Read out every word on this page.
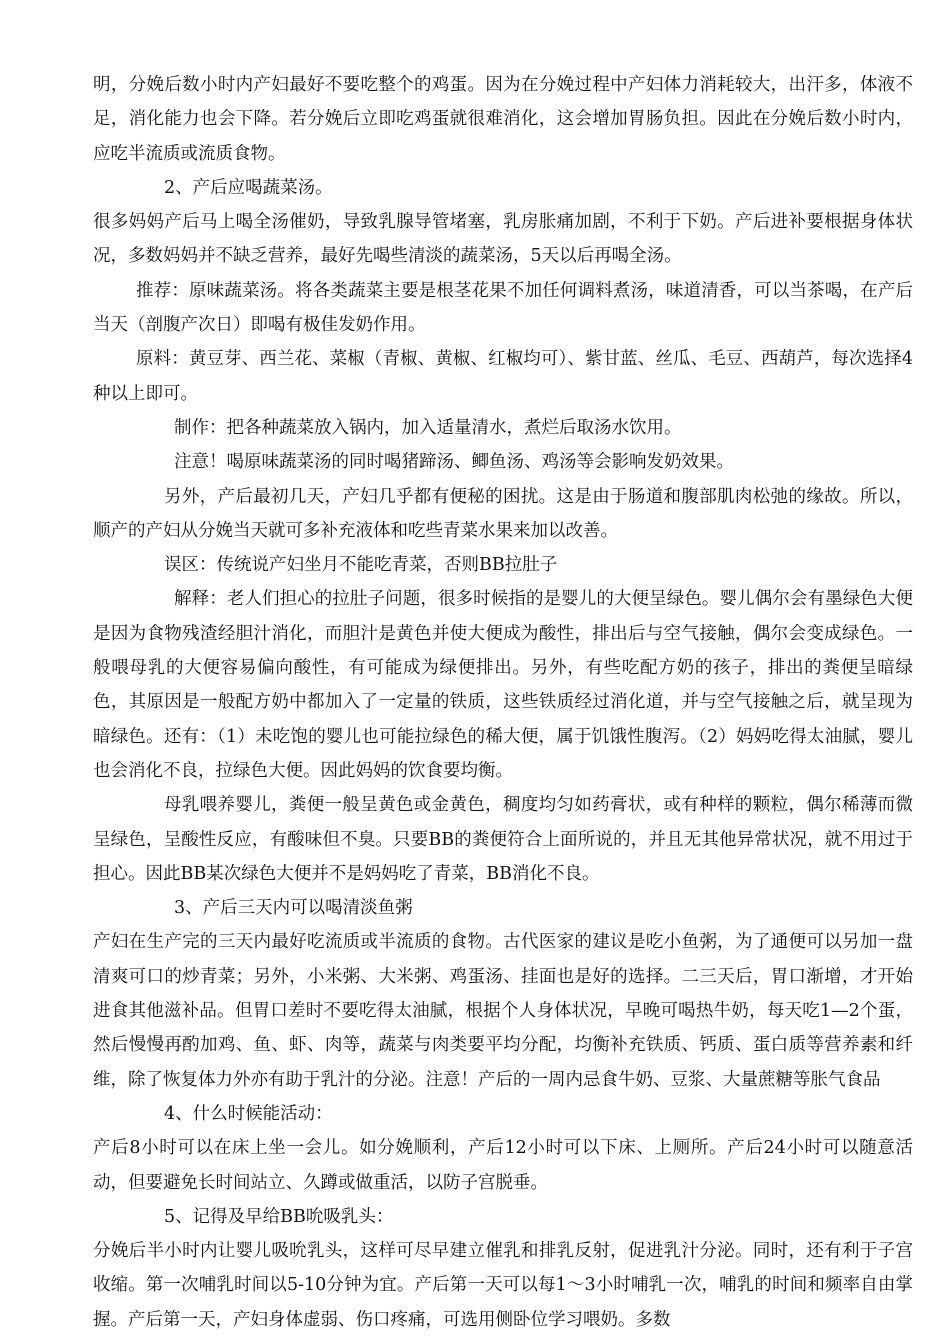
明，分娩后数小时内产妇最好不要吃整个的鸡蛋。因为在分娩过程中产妇体力消耗较大，出汗多，体液不足，消化能力也会下降。若分娩后立即吃鸡蛋就很难消化，这会增加胃肠负担。因此在分娩后数小时内，应吃半流质或流质食物。

2、产后应喝蔬菜汤。

很多妈妈产后马上喝全汤催奶，导致乳腺导管堵塞，乳房胀痛加剧，不利于下奶。产后进补要根据身体状况，多数妈妈并不缺乏营养，最好先喝些清淡的蔬菜汤，5天以后再喝全汤。

推荐：原味蔬菜汤。将各类蔬菜主要是根茎花果不加任何调料煮汤，味道清香，可以当茶喝，在产后当天（剖腹产次日）即喝有极佳发奶作用。

原料：黄豆芽、西兰花、菜椒（青椒、黄椒、红椒均可）、紫甘蓝、丝瓜、毛豆、西葫芦，每次选择4种以上即可。

制作：把各种蔬菜放入锅内，加入适量清水，煮烂后取汤水饮用。

注意！喝原味蔬菜汤的同时喝猪蹄汤、鲫鱼汤、鸡汤等会影响发奶效果。

另外，产后最初几天，产妇几乎都有便秘的困扰。这是由于肠道和腹部肌肉松弛的缘故。所以，顺产的产妇从分娩当天就可多补充液体和吃些青菜水果来加以改善。

误区：传统说产妇坐月不能吃青菜，否则BB拉肚子

解释：老人们担心的拉肚子问题，很多时候指的是婴儿的大便呈绿色。婴儿偶尔会有墨绿色大便是因为食物残渣经胆汁消化，而胆汁是黄色并使大便成为酸性，排出后与空气接触，偶尔会变成绿色。一般喂母乳的大便容易偏向酸性，有可能成为绿便排出。另外，有些吃配方奶的孩子，排出的粪便呈暗绿色，其原因是一般配方奶中都加入了一定量的铁质，这些铁质经过消化道，并与空气接触之后，就呈现为暗绿色。还有：（1）未吃饱的婴儿也可能拉绿色的稀大便，属于饥饿性腹泻。（2）妈妈吃得太油腻，婴儿也会消化不良，拉绿色大便。因此妈妈的饮食要均衡。

母乳喂养婴儿，粪便一般呈黄色或金黄色，稠度均匀如药膏状，或有种样的颗粒，偶尔稀薄而微呈绿色，呈酸性反应，有酸味但不臭。只要BB的粪便符合上面所说的，并且无其他异常状况，就不用过于担心。因此BB某次绿色大便并不是妈妈吃了青菜，BB消化不良。

3、产后三天内可以喝清淡鱼粥

产妇在生产完的三天内最好吃流质或半流质的食物。古代医家的建议是吃小鱼粥，为了通便可以另加一盘清爽可口的炒青菜；另外，小米粥、大米粥、鸡蛋汤、挂面也是好的选择。二三天后，胃口渐增，才开始进食其他滋补品。但胃口差时不要吃得太油腻，根据个人身体状况，早晚可喝热牛奶，每天吃1—2个蛋，然后慢慢再酌加鸡、鱼、虾、肉等，蔬菜与肉类要平均分配，均衡补充铁质、钙质、蛋白质等营养素和纤维，除了恢复体力外亦有助于乳汁的分泌。注意！产后的一周内忌食牛奶、豆浆、大量蔗糖等胀气食品

4、什么时候能活动：

产后8小时可以在床上坐一会儿。如分娩顺利，产后12小时可以下床、上厕所。产后24小时可以随意活动，但要避免长时间站立、久蹲或做重活，以防子宫脱垂。

5、记得及早给BB吮吸乳头：

分娩后半小时内让婴儿吸吮乳头，这样可尽早建立催乳和排乳反射，促进乳汁分泌。同时，还有利于子宫收缩。第一次哺乳时间以5-10分钟为宜。产后第一天可以每1～3小时哺乳一次，哺乳的时间和频率自由掌握。产后第一天，产妇身体虚弱、伤口疼痛，可选用侧卧位学习喂奶。多数
